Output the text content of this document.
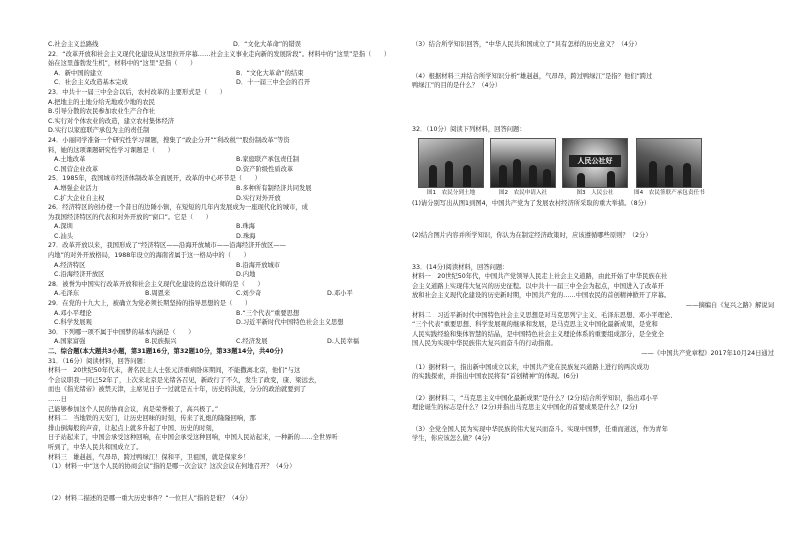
C.社会主义总路线	D．“文化大革命”的错误
22．“改革开放和社会主义现代化建设从这里拉开序幕……社会主义事业走向新的发展阶段”。材料中的“这里”是指（　　）
始在这里蓬勃发生机”，材料中的“这里”是指（　　）
A．新中国的建立	B．“文化大革命”的结束
C．社会主义改造基本完成	D．十一届三中全会的召开
23．中共十一届三中全会以后，农村改革的主要形式是（　　）
A.把地主的土地分给无地或少地的农民
B.引导分散的农民参加农业生产合作社
C.实行对个体农业的改造，建立农村集体经济
D.实行以家庭联产承包为主的责任制
24．小丽同学准备一个研究性学习课题，搜集了“政企分开”“利改税”“股份制改革”等资
料，她的这项课题研究性学习课题是（　　）
A.土地改革	B.家庭联产承包责任制
C.国营企业改革	D.资产阶级性质改革
25．1985年，我国城市经济体制改革全面展开，改革的中心环节是（　　）
A.增强企业活力	B.多种所有制经济共同发展
C.扩大企业自主权	D.实行对外开放
26．经济特区的创办使一个昔日的边陲小镇，在短短的几年内发展成为一座现代化的城市，成
为我国经济特区的代表和对外开放的“窗口”。它是（　　）
A.深圳	B.珠海
C.汕头	D.珠海
27．改革开放以来，我国形成了“经济特区——沿海开放城市——沿海经济开放区——
内地”的对外开放格局，1988年设立的海南省属于这一格局中的（　　）
A.经济特区	B.沿海开放城市
C.沿海经济开放区	D.内地
28．被誉为中国实行改革开放和社会主义现代化建设的总设计师的是（　　）
A.毛泽东	B.周恩来	C.刘少奇	D.邓小平
29．在党的十九大上，被确立为党必须长期坚持的指导思想的是（　　）
A.邓小平理论	B.“三个代表”重要思想
C.科学发展观	D.习近平新时代中国特色社会主义思想
30．下列哪一项不属于中国梦的基本内涵是（　　）
A.国家富强	B.民族振兴	C.经济发展	D.人民幸福
二、综合题(本大题共3小题，第31题16分，第32题10分，第33题14分，共40分)
31．（16分）阅读材料，回答问题：
材料一　20世纪50年代末，著名民主人士张元济重病卧床期间，不能撒离北京，他们“与这
个会议职我一同已52年了，上次来北京是光绪各召见，新政行了不久，发生了政变，康、梁远去，
而也《指光绪帝》被禁天津，主席见日子一过就是五十年，历史的洪流，分分的政治就要到了
……日
己能够参加这个人民的协商会议，真是荣誉极了，高兴极了。”
材料二　当地铁的天安门，让历史回味的时刻，传来了礼炮的隆隆回响，那
排山倒海般的声音，让起点上就多升起了中国、历史的时刻，
日子站起来了，中国会承受这种回响，在中国会承受这种回响，中国人民站起来，一种新的……全世界听
听到了，中华人民共和国成立了。
材料三　雄赳赳，气昂昂，跨过鸭绿江！保和平，卫祖国，就是保家乡！
（1）材料一中“这个人民的协商会议”指的是哪一次会议？这次会议在何地召开？（4分）
（2）材料二描述的是哪一重大历史事件？“一位巨人”指的是谁？（4分）
（3）结合所学知识回答，“中华人民共和国成立了”具有怎样的历史意义？（4分）
（4）根据材料三并结合所学知识分析“雄赳赳，气昂昂，跨过鸭绿江”是指？他们“跨过
鸭绿江”的目的是什么？（4分）
32．（10分）阅读下列材料，回答问题：
图1　农民分到土地	图2　农民申请入社
人民公社好
图3　人民公社	图4　农民签联产承包责任书
(1)请分别写出从图1到图4，中国共产党为了发展农村经济所采取的重大举措。（8分）
(2)结合图片内容并所学知识，你认为在制定经济政策时，应该遵循哪些原则？（2分）
33．(14分)阅读材料，回答问题：
材料一　20世纪50年代，中国共产党领导人民走上社会主义道路，由此开始了中华民族在社
会主义道路上实现伟大复兴的历史征程。以中共十一届三中全会为起点，中国进入了改革开
放和社会主义现代化建设的历史新时期，中国共产党的……中国农民的首创精神掀开了序幕。
——摘编自《复兴之路》解说词
材料二　习近平新时代中国特色社会主义思想是对马克思列宁主义、毛泽东思想、邓小平理论、
“三个代表”重要思想、科学发展观的继承和发展，是马克思主义中国化最新成果，是党和
人民实践经验和集体智慧的结晶，是中国特色社会主义理论体系的重要组成部分，是全党全
国人民为实现中华民族伟大复兴而奋斗的行动指南。
——《中国共产党章程》2017年10月24日通过
（1）据材料一，指出新中国成立以来，中国共产党在民族复兴道路上进行的两次成功
的实践探索，并指出中国农民将有“首创精神”的体现。(6分)
（2）据材料二，“马克思主义中国化最新成果”是什么？(2分)结合所学知识，指出邓小平
理论诞生的标志是什么？(2分)并指出马克思主义中国化的首要成果是什么？(2分)
（3）全党全国人民为实现中华民族的伟大复兴而奋斗。实现中国梦，任重而道远，作为青年
学生，你应该怎么做？(4分)
